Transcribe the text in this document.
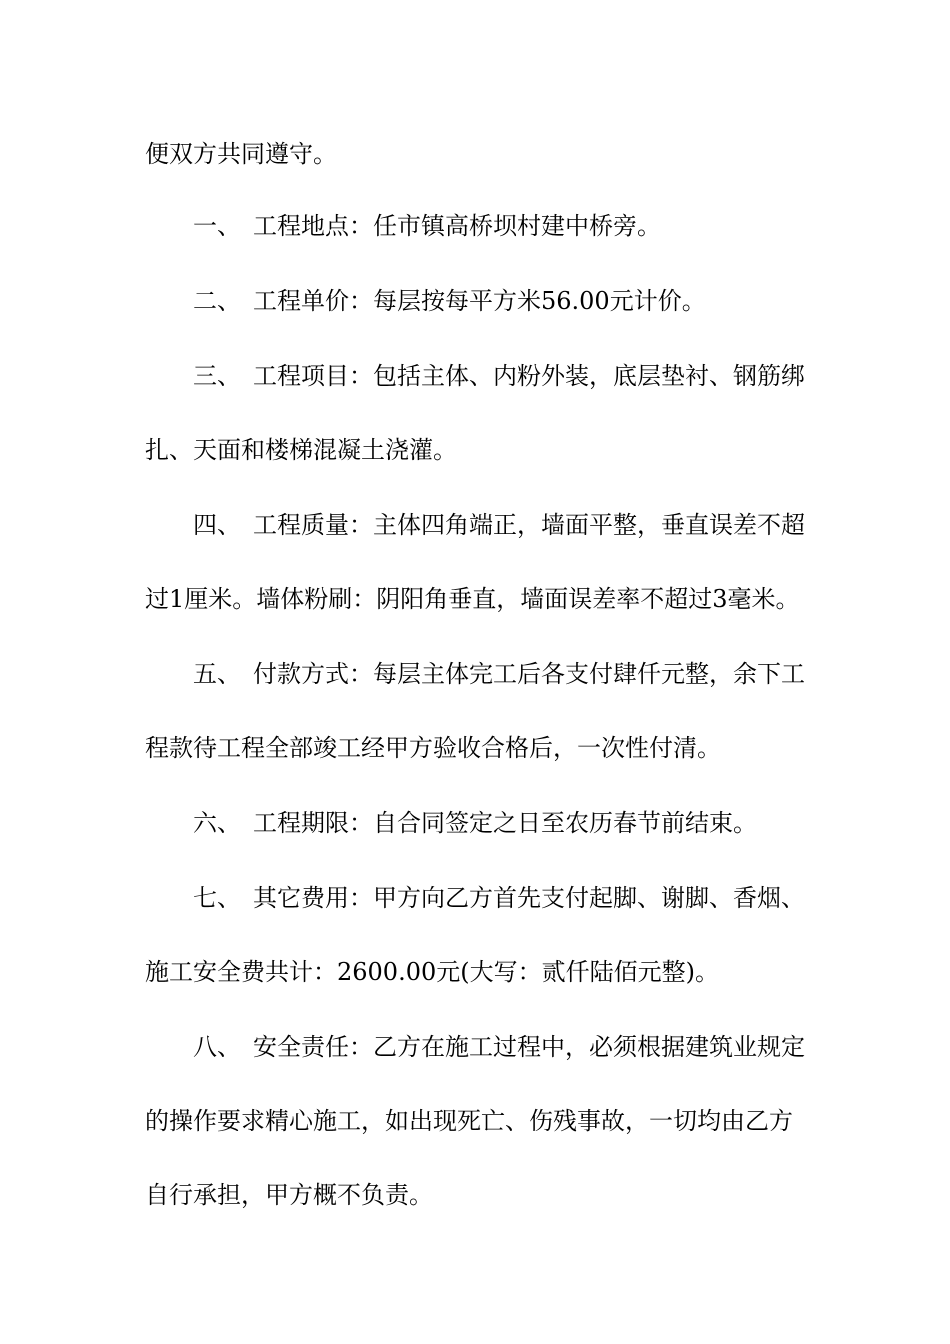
便双方共同遵守。
一、 工程地点：任市镇高桥坝村建中桥旁。
二、 工程单价：每层按每平方米56.00元计价。
三、 工程项目：包括主体、内粉外装，底层垫衬、钢筋绑
扎、天面和楼梯混凝土浇灌。
四、 工程质量：主体四角端正，墙面平整，垂直误差不超
过1厘米。墙体粉刷：阴阳角垂直，墙面误差率不超过3毫米。
五、 付款方式：每层主体完工后各支付肆仟元整，余下工
程款待工程全部竣工经甲方验收合格后，一次性付清。
六、 工程期限：自合同签定之日至农历春节前结束。
七、 其它费用：甲方向乙方首先支付起脚、谢脚、香烟、
施工安全费共计：2600.00元(大写：贰仟陆佰元整)。
八、 安全责任：乙方在施工过程中，必须根据建筑业规定
的操作要求精心施工，如出现死亡、伤残事故，一切均由乙方
自行承担，甲方概不负责。
